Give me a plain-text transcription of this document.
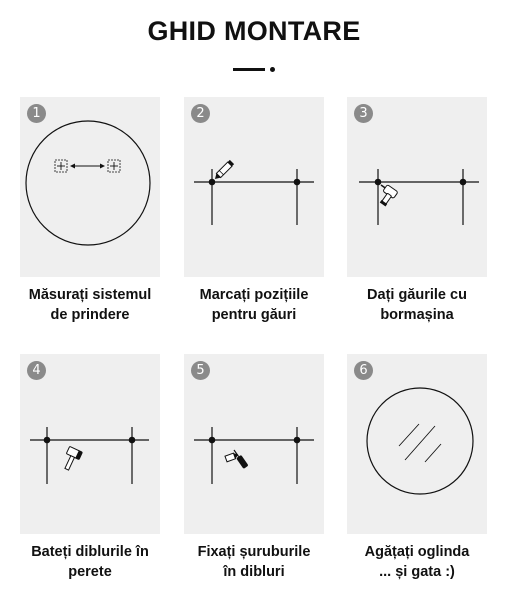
GHID MONTARE
1
Măsurați sistemul
de prindere
2
Marcați pozițiile
pentru găuri
3
Dați găurile cu
bormașina
4
Bateți diblurile în
perete
5
Fixați șuruburile
în dibluri
6
Agățați oglinda
... și gata :)
